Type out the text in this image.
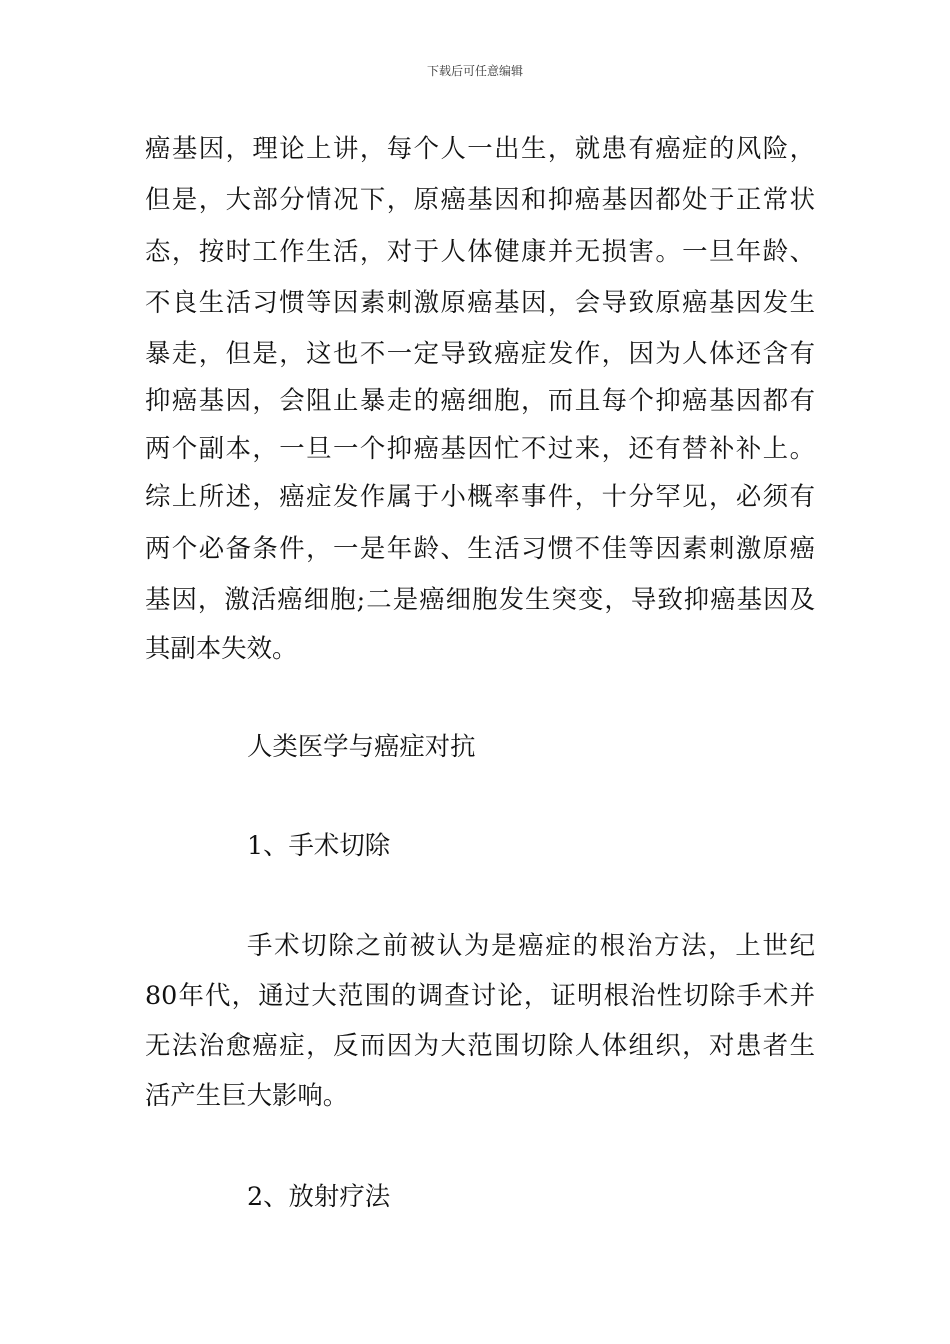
下载后可任意编辑
癌基因，理论上讲，每个人一出生，就患有癌症的风险，
但是，大部分情况下，原癌基因和抑癌基因都处于正常状
态，按时工作生活，对于人体健康并无损害。一旦年龄、
不良生活习惯等因素刺激原癌基因，会导致原癌基因发生
暴走，但是，这也不一定导致癌症发作，因为人体还含有
抑癌基因，会阻止暴走的癌细胞，而且每个抑癌基因都有
两个副本，一旦一个抑癌基因忙不过来，还有替补补上。
综上所述，癌症发作属于小概率事件，十分罕见，必须有
两个必备条件，一是年龄、生活习惯不佳等因素刺激原癌
基因，激活癌细胞;二是癌细胞发生突变，导致抑癌基因及
其副本失效。
人类医学与癌症对抗
1、手术切除
手术切除之前被认为是癌症的根治方法，上世纪
80年代，通过大范围的调查讨论，证明根治性切除手术并
无法治愈癌症，反而因为大范围切除人体组织，对患者生
活产生巨大影响。
2、放射疗法
